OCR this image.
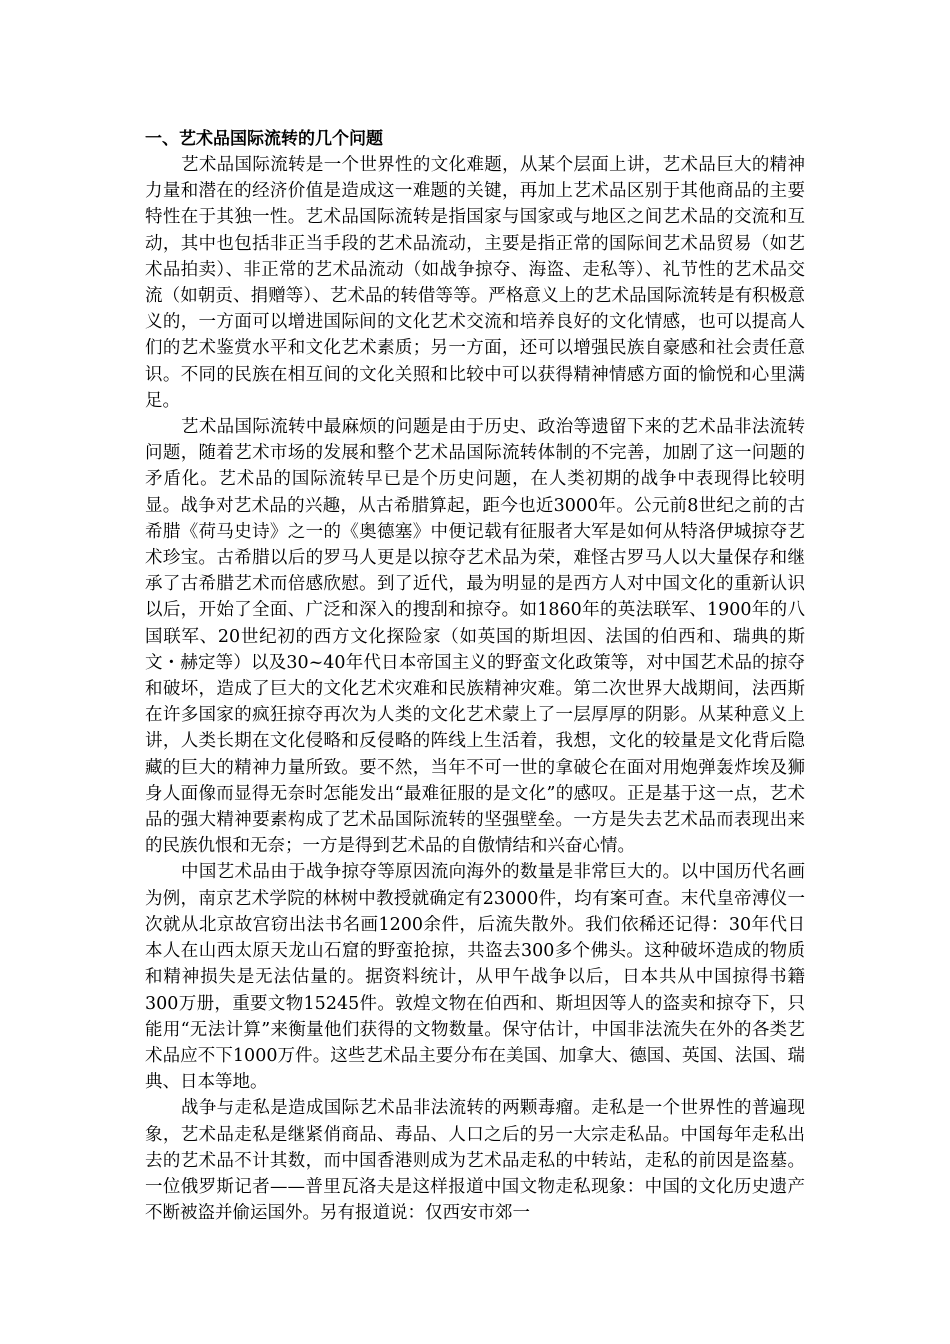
一、艺术品国际流转的几个问题

艺术品国际流转是一个世界性的文化难题，从某个层面上讲，艺术品巨大的精神力量和潜在的经济价值是造成这一难题的关键，再加上艺术品区别于其他商品的主要特性在于其独一性。艺术品国际流转是指国家与国家或与地区之间艺术品的交流和互动，其中也包括非正当手段的艺术品流动，主要是指正常的国际间艺术品贸易（如艺术品拍卖）、非正常的艺术品流动（如战争掠夺、海盗、走私等）、礼节性的艺术品交流（如朝贡、捐赠等）、艺术品的转借等等。严格意义上的艺术品国际流转是有积极意义的，一方面可以增进国际间的文化艺术交流和培养良好的文化情感，也可以提高人们的艺术鉴赏水平和文化艺术素质；另一方面，还可以增强民族自豪感和社会责任意识。不同的民族在相互间的文化关照和比较中可以获得精神情感方面的愉悦和心里满足。

艺术品国际流转中最麻烦的问题是由于历史、政治等遗留下来的艺术品非法流转问题，随着艺术市场的发展和整个艺术品国际流转体制的不完善，加剧了这一问题的矛盾化。艺术品的国际流转早已是个历史问题，在人类初期的战争中表现得比较明显。战争对艺术品的兴趣，从古希腊算起，距今也近3000年。公元前8世纪之前的古希腊《荷马史诗》之一的《奥德塞》中便记载有征服者大军是如何从特洛伊城掠夺艺术珍宝。古希腊以后的罗马人更是以掠夺艺术品为荣，难怪古罗马人以大量保存和继承了古希腊艺术而倍感欣慰。到了近代，最为明显的是西方人对中国文化的重新认识以后，开始了全面、广泛和深入的搜刮和掠夺。如1860年的英法联军、1900年的八国联军、20世纪初的西方文化探险家（如英国的斯坦因、法国的伯西和、瑞典的斯文・赫定等）以及30~40年代日本帝国主义的野蛮文化政策等，对中国艺术品的掠夺和破坏，造成了巨大的文化艺术灾难和民族精神灾难。第二次世界大战期间，法西斯在许多国家的疯狂掠夺再次为人类的文化艺术蒙上了一层厚厚的阴影。从某种意义上讲，人类长期在文化侵略和反侵略的阵线上生活着，我想，文化的较量是文化背后隐藏的巨大的精神力量所致。要不然，当年不可一世的拿破仑在面对用炮弹轰炸埃及狮身人面像而显得无奈时怎能发出“最难征服的是文化”的感叹。正是基于这一点，艺术品的强大精神要素构成了艺术品国际流转的坚强壁垒。一方是失去艺术品而表现出来的民族仇恨和无奈；一方是得到艺术品的自傲情结和兴奋心情。

中国艺术品由于战争掠夺等原因流向海外的数量是非常巨大的。以中国历代名画为例，南京艺术学院的林树中教授就确定有23000件，均有案可查。末代皇帝溥仪一次就从北京故宫窃出法书名画1200余件，后流失散外。我们依稀还记得：30年代日本人在山西太原天龙山石窟的野蛮抢掠，共盗去300多个佛头。这种破坏造成的物质和精神损失是无法估量的。据资料统计，从甲午战争以后，日本共从中国掠得书籍300万册，重要文物15245件。敦煌文物在伯西和、斯坦因等人的盗卖和掠夺下，只能用“无法计算”来衡量他们获得的文物数量。保守估计，中国非法流失在外的各类艺术品应不下1000万件。这些艺术品主要分布在美国、加拿大、德国、英国、法国、瑞典、日本等地。

战争与走私是造成国际艺术品非法流转的两颗毒瘤。走私是一个世界性的普遍现象，艺术品走私是继紧俏商品、毒品、人口之后的另一大宗走私品。中国每年走私出去的艺术品不计其数，而中国香港则成为艺术品走私的中转站，走私的前因是盗墓。一位俄罗斯记者——普里瓦洛夫是这样报道中国文物走私现象：中国的文化历史遗产不断被盗并偷运国外。另有报道说：仅西安市郊一
